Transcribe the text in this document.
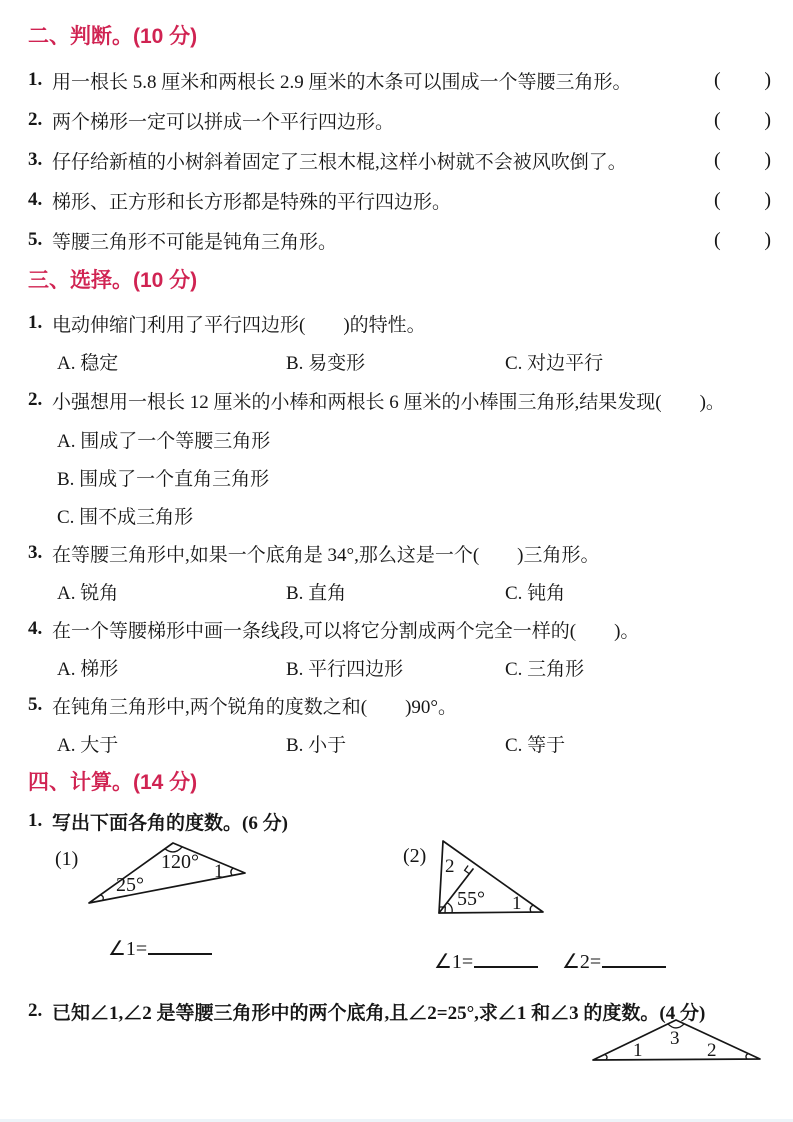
二、判断。(10 分)
1. 用一根长 5.8 厘米和两根长 2.9 厘米的木条可以围成一个等腰三角形。	( )
2. 两个梯形一定可以拼成一个平行四边形。	( )
3. 仔仔给新植的小树斜着固定了三根木棍,这样小树就不会被风吹倒了。	( )
4. 梯形、正方形和长方形都是特殊的平行四边形。	( )
5. 等腰三角形不可能是钝角三角形。	( )
三、选择。(10 分)
1. 电动伸缩门利用了平行四边形(　　)的特性。
A. 稳定	B. 易变形	C. 对边平行
2. 小强想用一根长 12 厘米的小棒和两根长 6 厘米的小棒围三角形,结果发现(　　)。
A. 围成了一个等腰三角形
B. 围成了一个直角三角形
C. 围不成三角形
3. 在等腰三角形中,如果一个底角是 34°,那么这是一个(　　)三角形。
A. 锐角	B. 直角	C. 钝角
4. 在一个等腰梯形中画一条线段,可以将它分割成两个完全一样的(　　)。
A. 梯形	B. 平行四边形	C. 三角形
5. 在钝角三角形中,两个锐角的度数之和(　　)90°。
A. 大于	B. 小于	C. 等于
四、计算。(14 分)
1. 写出下面各角的度数。(6 分)
(1)	120°
25°
1
∠1=
(2) 2
55° 1
∠1=	∠2=
2. 已知∠1,∠2 是等腰三角形中的两个底角,且∠2=25°,求∠1 和∠3 的度数。(4 分)
1
3
2
